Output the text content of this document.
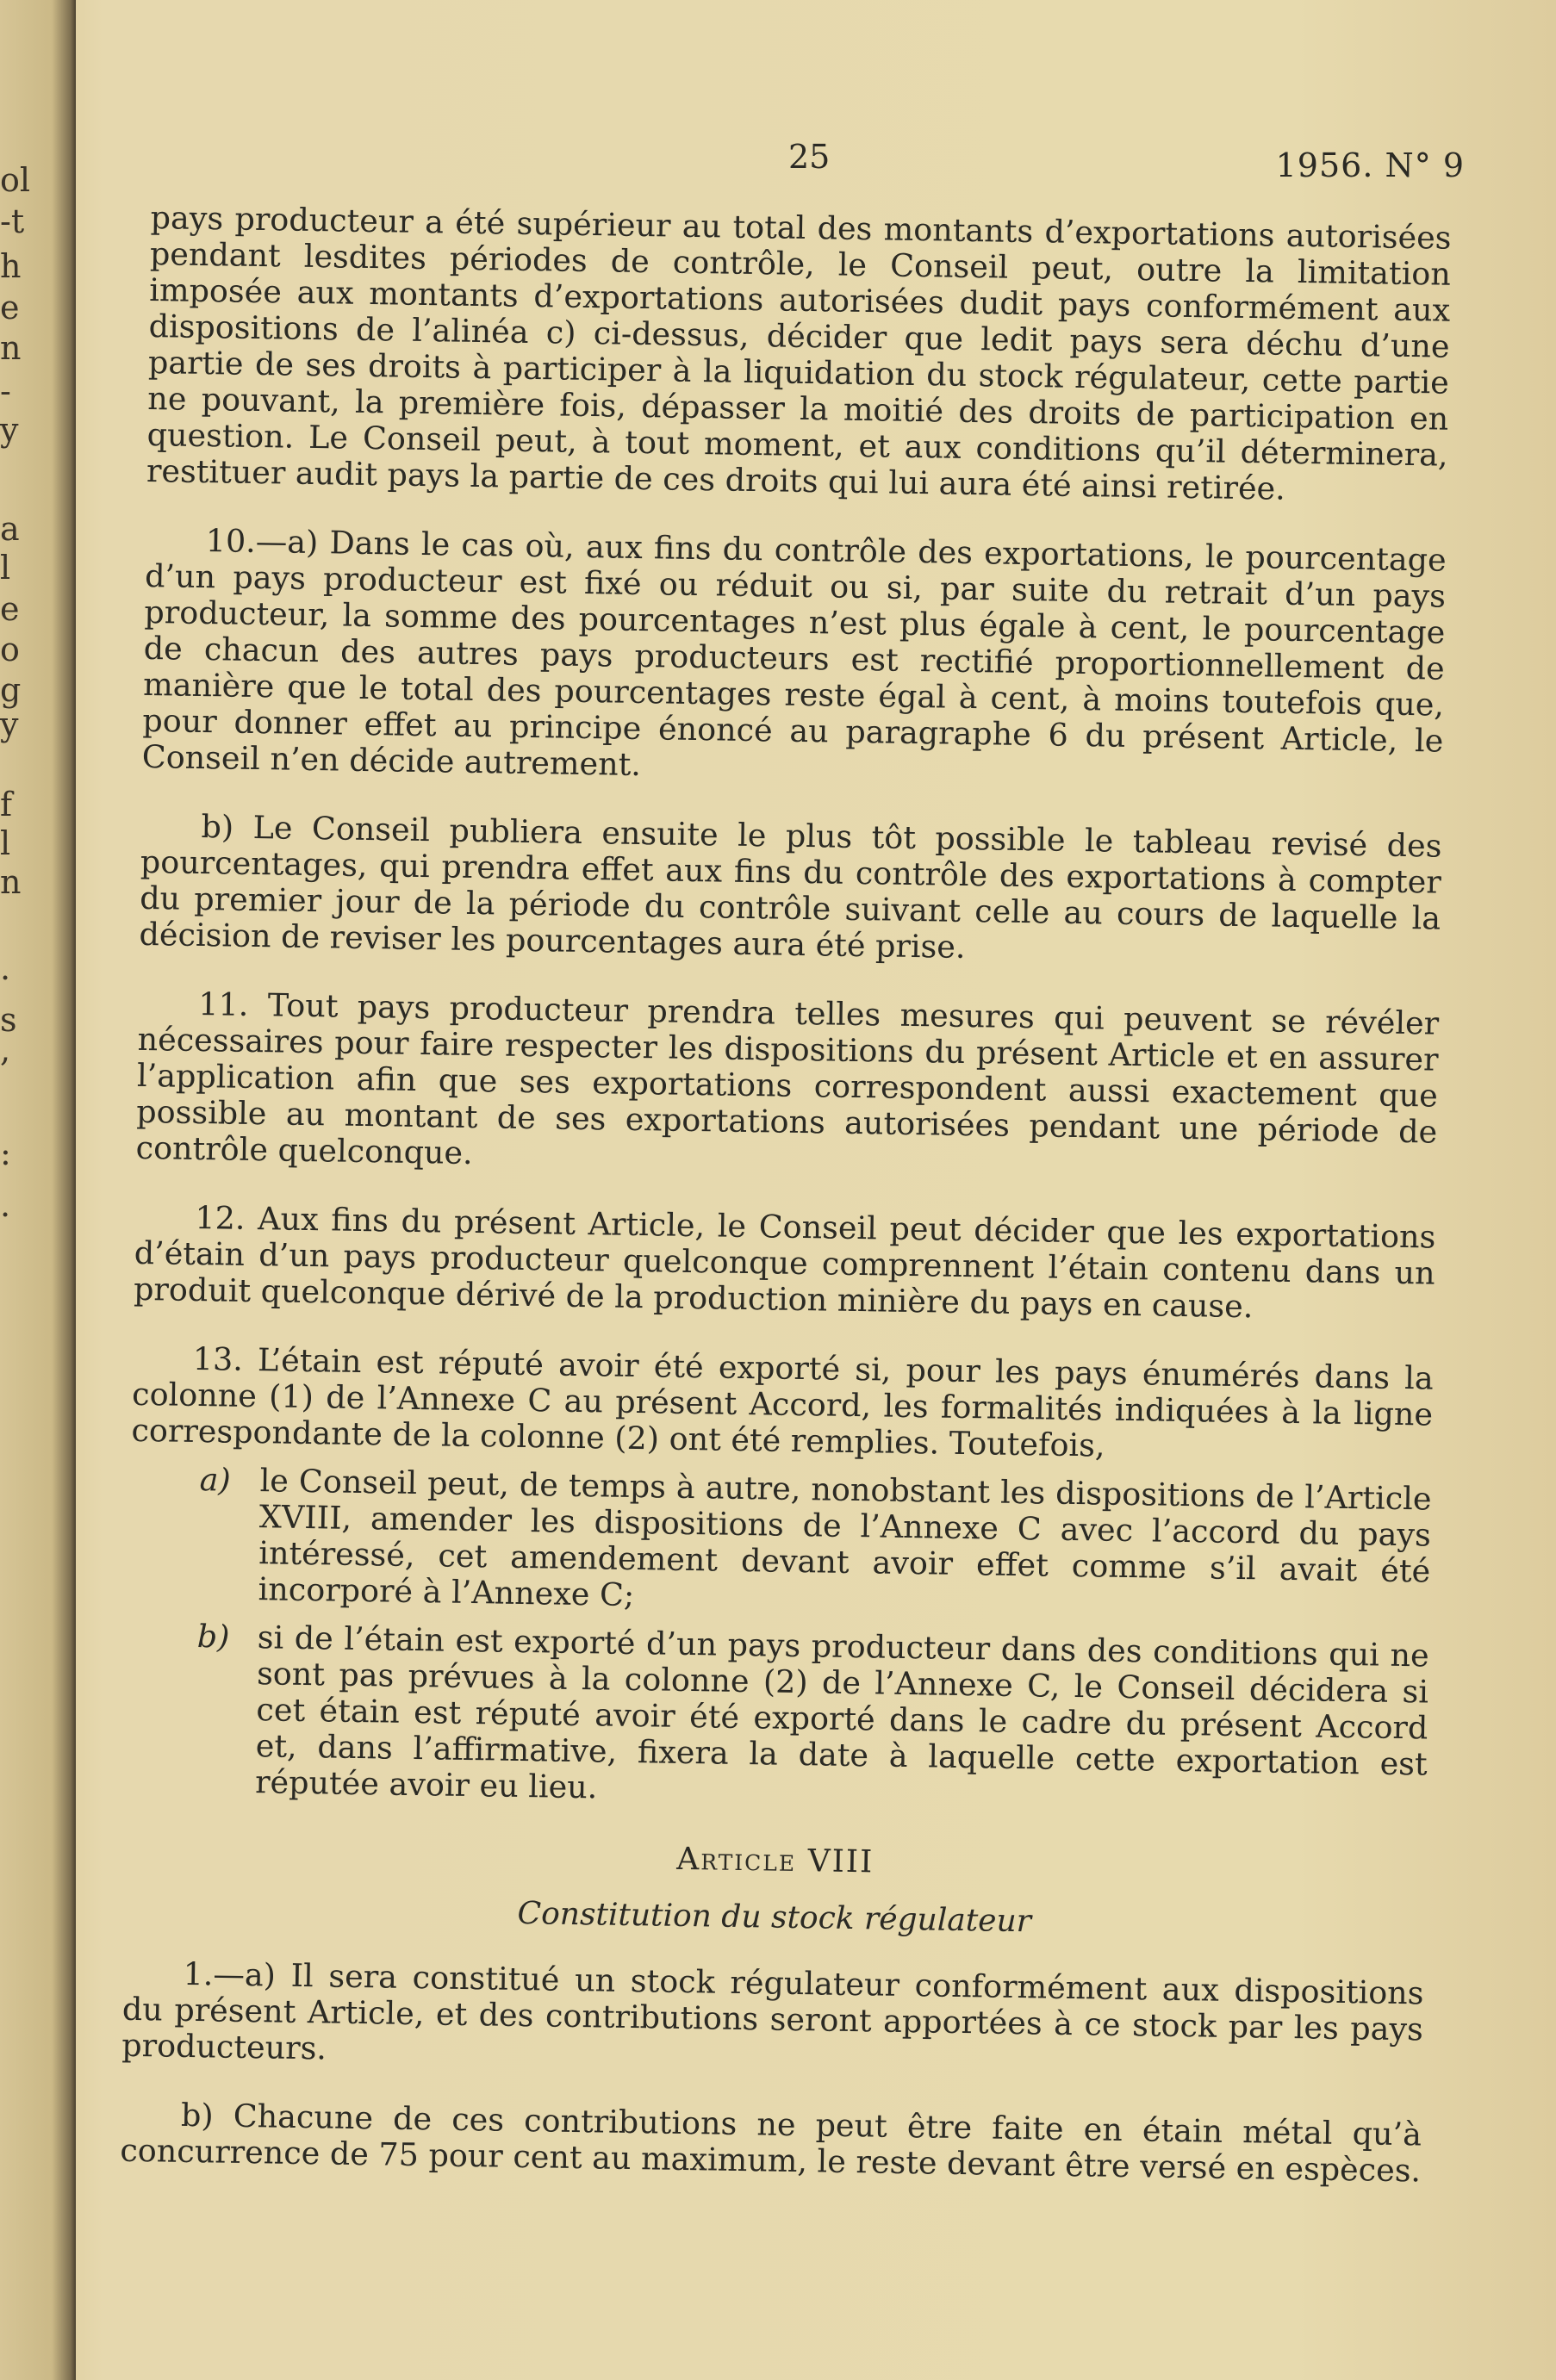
ol
-t
h
e
n
-
y
a
l
e
o
g
y
f
l
n
.
s
,
:
.
25	1956. N° 9

pays producteur a été supérieur au total des montants d’exportations autorisées pendant lesdites périodes de contrôle, le Conseil peut, outre la limitation imposée aux montants d’exportations autorisées dudit pays conformément aux dispositions de l’alinéa c) ci-dessus, décider que ledit pays sera déchu d’une partie de ses droits à participer à la liquidation du stock régulateur, cette partie ne pouvant, la première fois, dépasser la moitié des droits de participation en question. Le Conseil peut, à tout moment, et aux conditions qu’il déterminera, restituer audit pays la partie de ces droits qui lui aura été ainsi retirée.

10.—a) Dans le cas où, aux fins du contrôle des exportations, le pourcentage d’un pays producteur est fixé ou réduit ou si, par suite du retrait d’un pays producteur, la somme des pourcentages n’est plus égale à cent, le pourcentage de chacun des autres pays producteurs est rectifié proportionnellement de manière que le total des pourcentages reste égal à cent, à moins toutefois que, pour donner effet au principe énoncé au paragraphe 6 du présent Article, le Conseil n’en décide autrement.

b) Le Conseil publiera ensuite le plus tôt possible le tableau revisé des pourcentages, qui prendra effet aux fins du contrôle des exportations à compter du premier jour de la période du contrôle suivant celle au cours de laquelle la décision de reviser les pourcentages aura été prise.

11. Tout pays producteur prendra telles mesures qui peuvent se révéler nécessaires pour faire respecter les dispositions du présent Article et en assurer l’application afin que ses exportations correspondent aussi exactement que possible au montant de ses exportations autorisées pendant une période de contrôle quelconque.

12. Aux fins du présent Article, le Conseil peut décider que les exportations d’étain d’un pays producteur quelconque comprennent l’étain contenu dans un produit quelconque dérivé de la production minière du pays en cause.

13. L’étain est réputé avoir été exporté si, pour les pays énumérés dans la colonne (1) de l’Annexe C au présent Accord, les formalités indiquées à la ligne correspondante de la colonne (2) ont été remplies. Toutefois,

a) le Conseil peut, de temps à autre, nonobstant les dispositions de l’Article XVIII, amender les dispositions de l’Annexe C avec l’accord du pays intéressé, cet amendement devant avoir effet comme s’il avait été incorporé à l’Annexe C;
b) si de l’étain est exporté d’un pays producteur dans des conditions qui ne sont pas prévues à la colonne (2) de l’Annexe C, le Conseil décidera si cet étain est réputé avoir été exporté dans le cadre du présent Accord et, dans l’affirmative, fixera la date à laquelle cette exportation est réputée avoir eu lieu.
Article VIII
Constitution du stock régulateur

1.—a) Il sera constitué un stock régulateur conformément aux dispositions du présent Article, et des contributions seront apportées à ce stock par les pays producteurs.

b) Chacune de ces contributions ne peut être faite en étain métal qu’à concurrence de 75 pour cent au maximum, le reste devant être versé en espèces.
